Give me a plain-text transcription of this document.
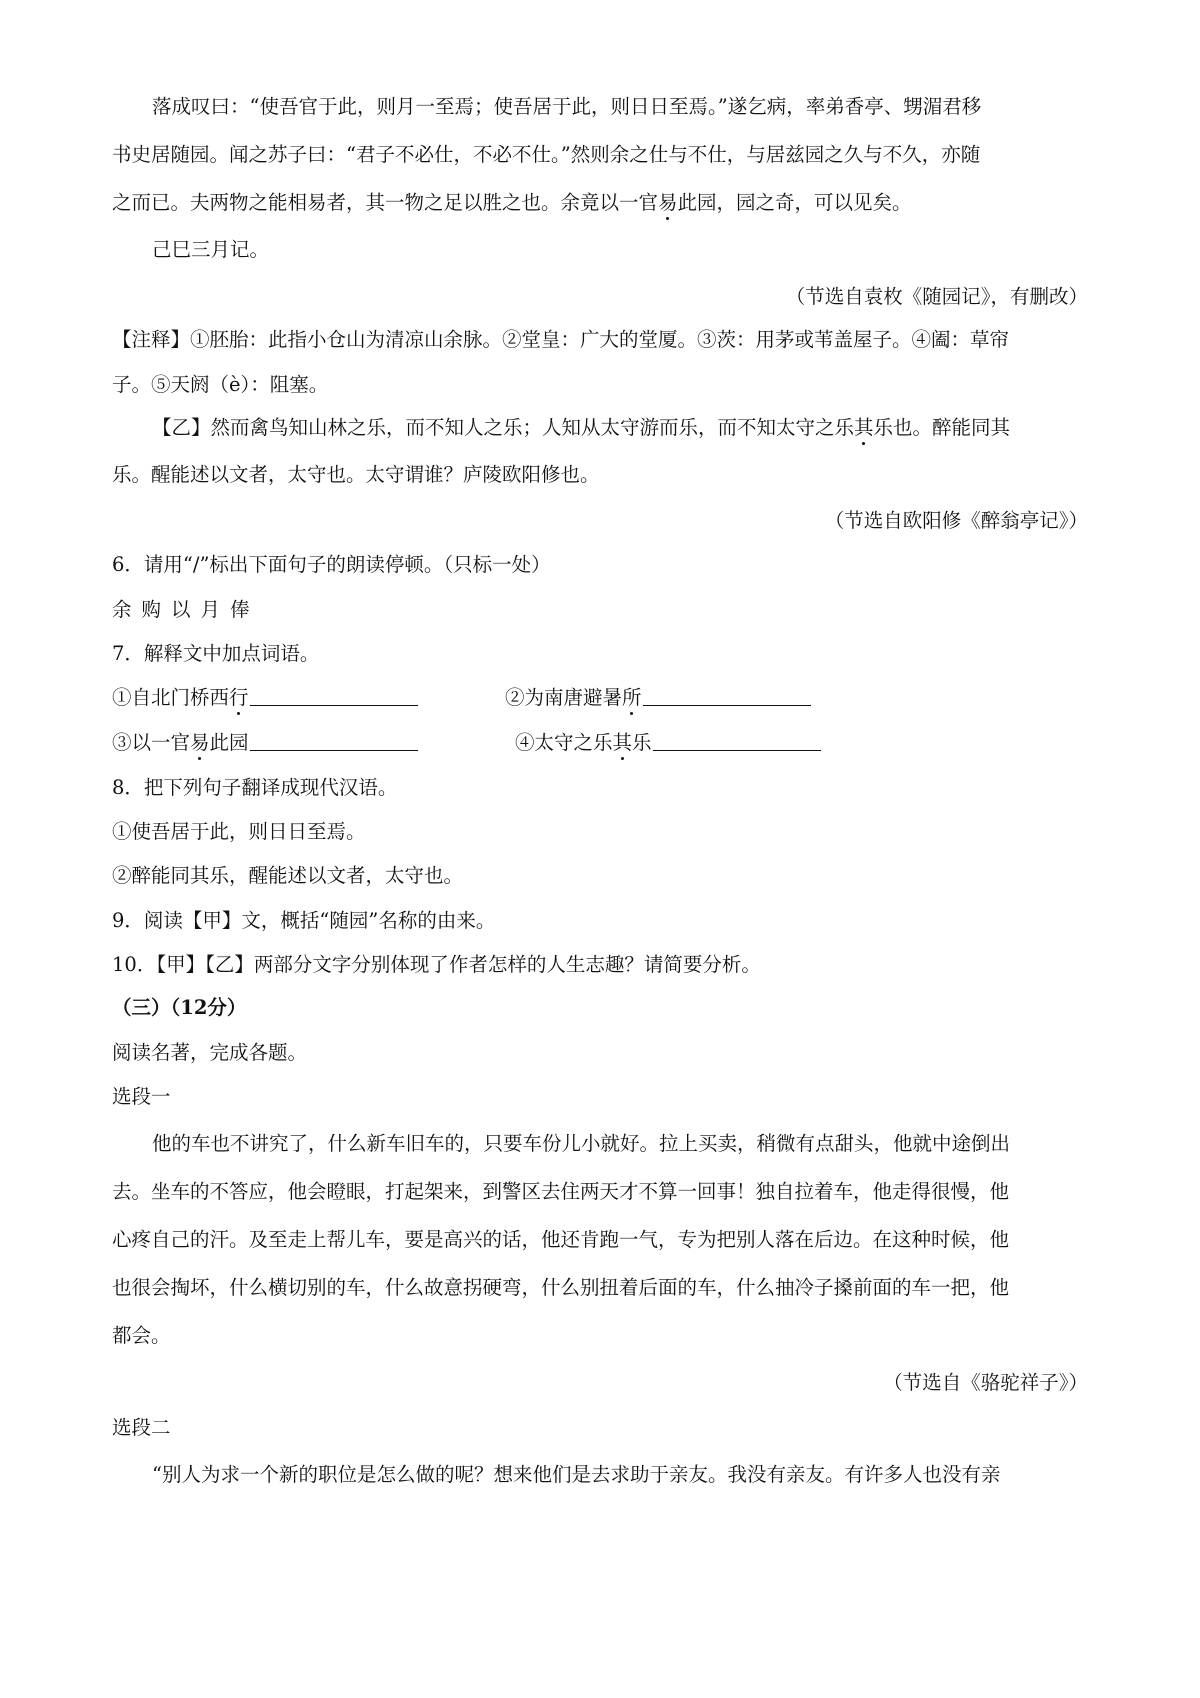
落成叹曰：“使吾官于此，则月一至焉；使吾居于此，则日日至焉。”遂乞病，率弟香亭、甥湄君移
书史居随园。闻之苏子曰：“君子不必仕，不必不仕。”然则余之仕与不仕，与居兹园之久与不久，亦随
之而已。夫两物之能相易者，其一物之足以胜之也。余竟以一官易此园，园之奇，可以见矣。
己巳三月记。
（节选自袁枚《随园记》，有删改）
【注释】①胚胎：此指小仓山为清凉山余脉。②堂皇：广大的堂厦。③茨：用茅或苇盖屋子。④阖：草帘
子。⑤天阏（è）：阻塞。
【乙】然而禽鸟知山林之乐，而不知人之乐；人知从太守游而乐，而不知太守之乐其乐也。醉能同其
乐。醒能述以文者，太守也。太守谓谁？庐陵欧阳修也。
（节选自欧阳修《醉翁亭记》）
6．请用“/”标出下面句子的朗读停顿。（只标一处）
余购以月俸
7．解释文中加点词语。
①自北门桥西行	②为南唐避暑所
③以一官易此园	④太守之乐其乐
8．把下列句子翻译成现代汉语。
①使吾居于此，则日日至焉。
②醉能同其乐，醒能述以文者，太守也。
9．阅读【甲】文，概括“随园”名称的由来。
10．【甲】【乙】两部分文字分别体现了作者怎样的人生志趣？请简要分析。
（三）（12分）
阅读名著，完成各题。
选段一
他的车也不讲究了，什么新车旧车的，只要车份儿小就好。拉上买卖，稍微有点甜头，他就中途倒出
去。坐车的不答应，他会瞪眼，打起架来，到警区去住两天才不算一回事！独自拉着车，他走得很慢，他
心疼自己的汗。及至走上帮儿车，要是高兴的话，他还肯跑一气，专为把别人落在后边。在这种时候，他
也很会掏坏，什么横切别的车，什么故意拐硬弯，什么别扭着后面的车，什么抽冷子搡前面的车一把，他
都会。
（节选自《骆驼祥子》）
选段二
“别人为求一个新的职位是怎么做的呢？想来他们是去求助于亲友。我没有亲友。有许多人也没有亲
